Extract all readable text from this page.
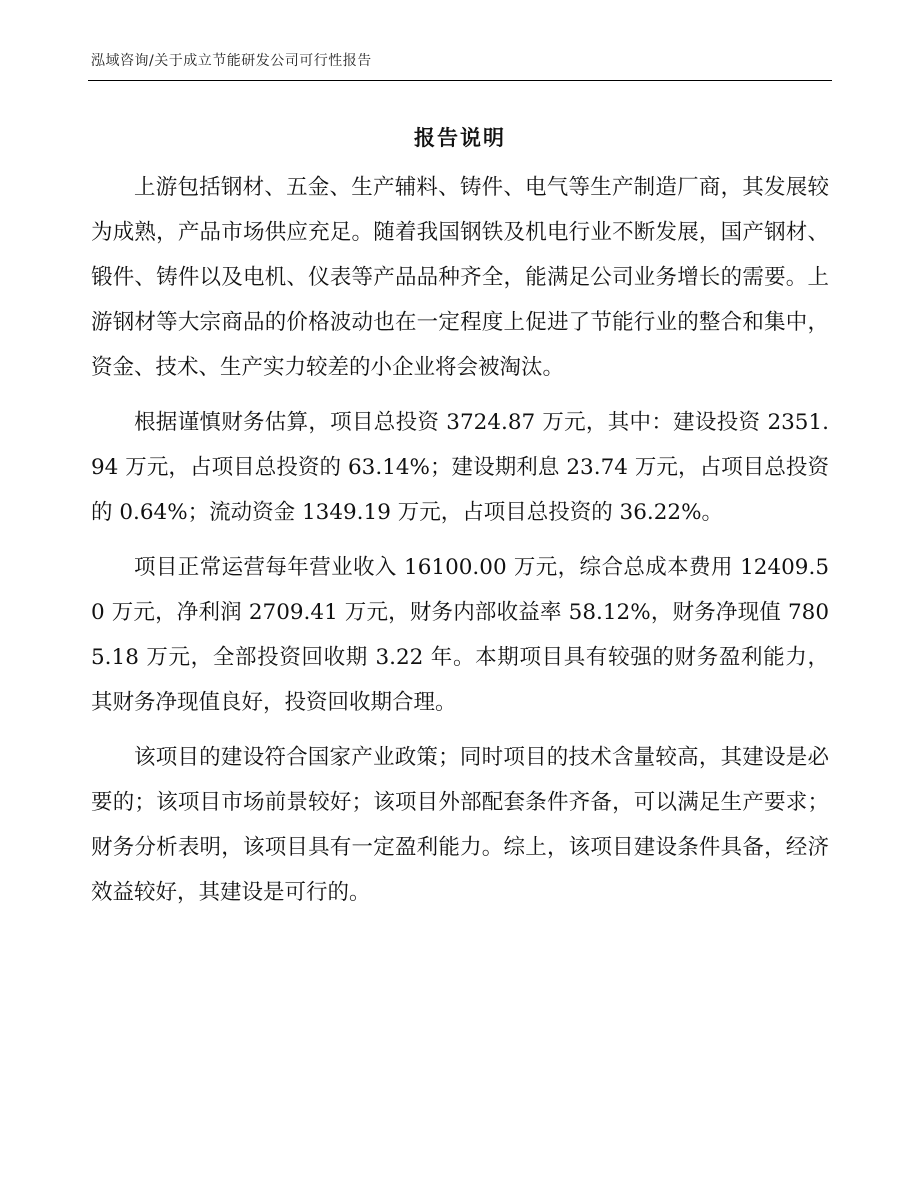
泓域咨询/关于成立节能研发公司可行性报告
报告说明

上游包括钢材、五金、生产辅料、铸件、电气等生产制造厂商，其发展较为成熟，产品市场供应充足。随着我国钢铁及机电行业不断发展，国产钢材、锻件、铸件以及电机、仪表等产品品种齐全，能满足公司业务增长的需要。上游钢材等大宗商品的价格波动也在一定程度上促进了节能行业的整合和集中，资金、技术、生产实力较差的小企业将会被淘汰。

根据谨慎财务估算，项目总投资 3724.87 万元，其中：建设投资 2351.94 万元，占项目总投资的 63.14%；建设期利息 23.74 万元，占项目总投资的 0.64%；流动资金 1349.19 万元，占项目总投资的 36.22%。

项目正常运营每年营业收入 16100.00 万元，综合总成本费用 12409.50 万元，净利润 2709.41 万元，财务内部收益率 58.12%，财务净现值 7805.18 万元，全部投资回收期 3.22 年。本期项目具有较强的财务盈利能力，其财务净现值良好，投资回收期合理。

该项目的建设符合国家产业政策；同时项目的技术含量较高，其建设是必要的；该项目市场前景较好；该项目外部配套条件齐备，可以满足生产要求；财务分析表明，该项目具有一定盈利能力。综上，该项目建设条件具备，经济效益较好，其建设是可行的。
